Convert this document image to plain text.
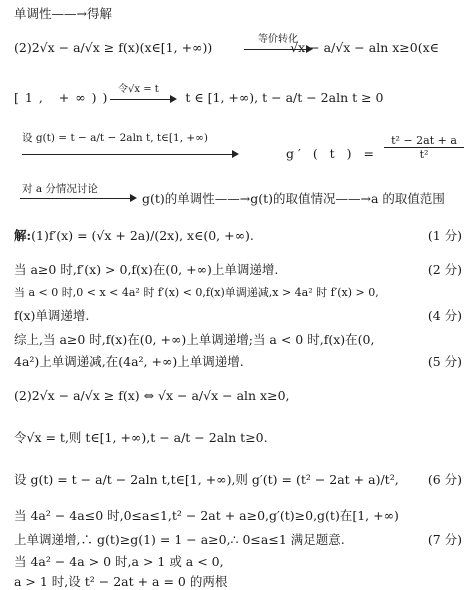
单调性——→得解
(2)2√x − a/√x ≥ f(x)(x∈[1, +∞))	√x − a/√x − aln x≥0(x∈
等价转化
[1, +∞))	t ∈ [1, +∞), t − a/t − 2aln t ≥ 0
令√x = t
设 g(t) = t − a/t − 2aln t, t∈[1, +∞)
g′ ( t ) = $\frac{\text{t² − 2at + a}}{\text{t²}}$
对 a 分情况讨论
g(t)的单调性——→g(t)的取值情况——→a 的取值范围
解: (1)f′(x) = (√x + 2a)/(2x), x∈(0, +∞).	(1 分)
当 a≥0 时,f′(x) > 0,f(x)在(0, +∞)上单调递增.	(2 分)
当 a < 0 时,0 < x < 4a² 时 f′(x) < 0,f(x)单调递减,x > 4a² 时 f′(x) > 0,
f(x)单调递增.	(4 分)
综上,当 a≥0 时,f(x)在(0, +∞)上单调递增;当 a < 0 时,f(x)在(0,
4a²)上单调递减,在(4a², +∞)上单调递增.	(5 分)
(2)2√x − a/√x ≥ f(x) ⇔ √x − a/√x − aln x≥0,
令√x = t,则 t∈[1, +∞),t − a/t − 2aln t≥0.
设 g(t) = t − a/t − 2aln t,t∈[1, +∞),则 g′(t) = (t² − 2at + a)/t²,	(6 分)
当 4a² − 4a≤0 时,0≤a≤1,t² − 2at + a≥0,g′(t)≥0,g(t)在[1, +∞)
上单调递增,∴ g(t)≥g(1) = 1 − a≥0,∴ 0≤a≤1 满足题意.	(7 分)
当 4a² − 4a > 0 时,a > 1 或 a < 0,
a > 1 时,设 t² − 2at + a = 0 的两根
